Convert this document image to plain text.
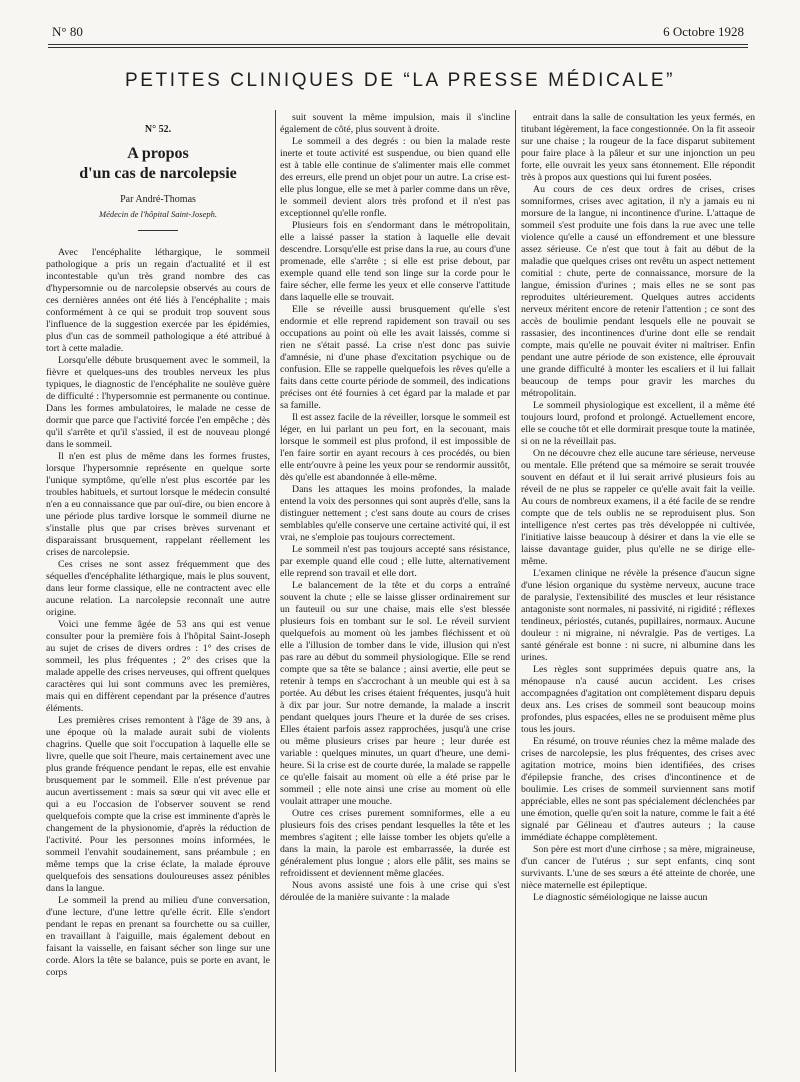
N° 80	6 Octobre 1928
PETITES CLINIQUES DE “LA PRESSE MÉDICALE”
N° 52.
A propos
d'un cas de narcolepsie
Par André-Thomas
Médecin de l'hôpital Saint-Joseph.

Avec l'encéphalite léthargique, le sommeil pathologique a pris un regain d'actualité et il est incontestable qu'un très grand nombre des cas d'hypersomnie ou de narcolepsie observés au cours de ces dernières années ont été liés à l'encéphalite ; mais conformément à ce qui se produit trop souvent sous l'influence de la suggestion exercée par les épidémies, plus d'un cas de sommeil pathologique a été attribué à tort à cette maladie.

Lorsqu'elle débute brusquement avec le sommeil, la fièvre et quelques-uns des troubles nerveux les plus typiques, le diagnostic de l'encéphalite ne soulève guère de difficulté : l'hypersomnie est permanente ou continue. Dans les formes ambulatoires, le malade ne cesse de dormir que parce que l'activité forcée l'en empêche ; dès qu'il s'arrête et qu'il s'assied, il est de nouveau plongé dans le sommeil.

Il n'en est plus de même dans les formes frustes, lorsque l'hypersomnie représente en quelque sorte l'unique symptôme, qu'elle n'est plus escortée par les troubles habituels, et surtout lorsque le médecin consulté n'en a eu connaissance que par ouï-dire, ou bien encore à une période plus tardive lorsque le sommeil diurne ne s'installe plus que par crises brèves survenant et disparaissant brusquement, rappelant réellement les crises de narcolepsie.

Ces crises ne sont assez fréquemment que des séquelles d'encéphalite léthargique, mais le plus souvent, dans leur forme classique, elle ne contractent avec elle aucune relation. La narcolepsie reconnaît une autre origine.

Voici une femme âgée de 53 ans qui est venue consulter pour la première fois à l'hôpital Saint-Joseph au sujet de crises de divers ordres : 1° des crises de sommeil, les plus fréquentes ; 2° des crises que la malade appelle des crises nerveuses, qui offrent quelques caractères qui lui sont communs avec les premières, mais qui en diffèrent cependant par la présence d'autres éléments.

Les premières crises remontent à l'âge de 39 ans, à une époque où la malade aurait subi de violents chagrins. Quelle que soit l'occupation à laquelle elle se livre, quelle que soit l'heure, mais certainement avec une plus grande fréquence pendant le repas, elle est envahie brusquement par le sommeil. Elle n'est prévenue par aucun avertissement : mais sa sœur qui vit avec elle et qui a eu l'occasion de l'observer souvent se rend quelquefois compte que la crise est imminente d'après le changement de la physionomie, d'après la réduction de l'activité. Pour les personnes moins informées, le sommeil l'envahit soudainement, sans préambule ; en même temps que la crise éclate, la malade éprouve quelquefois des sensations douloureuses assez pénibles dans la langue.

Le sommeil la prend au milieu d'une conversation, d'une lecture, d'une lettre qu'elle écrit. Elle s'endort pendant le repas en prenant sa fourchette ou sa cuiller, en travaillant à l'aiguille, mais également debout en faisant la vaisselle, en faisant sécher son linge sur une corde. Alors la tête se balance, puis se porte en avant, le corps

suit souvent la même impulsion, mais il s'incline également de côté, plus souvent à droite.

Le sommeil a des degrés : ou bien la malade reste inerte et toute activité est suspendue, ou bien quand elle est à table elle continue de s'alimenter mais elle commet des erreurs, elle prend un objet pour un autre. La crise est-elle plus longue, elle se met à parler comme dans un rêve, le sommeil devient alors très profond et il n'est pas exceptionnel qu'elle ronfle.

Plusieurs fois en s'endormant dans le métropolitain, elle a laissé passer la station à laquelle elle devait descendre. Lorsqu'elle est prise dans la rue, au cours d'une promenade, elle s'arrête ; si elle est prise debout, par exemple quand elle tend son linge sur la corde pour le faire sécher, elle ferme les yeux et elle conserve l'attitude dans laquelle elle se trouvait.

Elle se réveille aussi brusquement qu'elle s'est endormie et elle reprend rapidement son travail ou ses occupations au point où elle les avait laissés, comme si rien ne s'était passé. La crise n'est donc pas suivie d'amnésie, ni d'une phase d'excitation psychique ou de confusion. Elle se rappelle quelquefois les rêves qu'elle a faits dans cette courte période de sommeil, des indications précises ont été fournies à cet égard par la malade et par sa famille.

Il est assez facile de la réveiller, lorsque le sommeil est léger, en lui parlant un peu fort, en la secouant, mais lorsque le sommeil est plus profond, il est impossible de l'en faire sortir en ayant recours à ces procédés, ou bien elle entr'ouvre à peine les yeux pour se rendormir aussitôt, dès qu'elle est abandonnée à elle-même.

Dans les attaques les moins profondes, la malade entend la voix des personnes qui sont auprès d'elle, sans la distinguer nettement ; c'est sans doute au cours de crises semblables qu'elle conserve une certaine activité qui, il est vrai, ne s'emploie pas toujours correctement.

Le sommeil n'est pas toujours accepté sans résistance, par exemple quand elle coud ; elle lutte, alternativement elle reprend son travail et elle dort.

Le balancement de la tête et du corps a entraîné souvent la chute ; elle se laisse glisser ordinairement sur un fauteuil ou sur une chaise, mais elle s'est blessée plusieurs fois en tombant sur le sol. Le réveil survient quelquefois au moment où les jambes fléchissent et où elle a l'illusion de tomber dans le vide, illusion qui n'est pas rare au début du sommeil physiologique. Elle se rend compte que sa tête se balance ; ainsi avertie, elle peut se retenir à temps en s'accrochant à un meuble qui est à sa portée. Au début les crises étaient fréquentes, jusqu'à huit à dix par jour. Sur notre demande, la malade a inscrit pendant quelques jours l'heure et la durée de ses crises. Elles étaient parfois assez rapprochées, jusqu'à une crise ou même plusieurs crises par heure ; leur durée est variable : quelques minutes, un quart d'heure, une demi-heure. Si la crise est de courte durée, la malade se rappelle ce qu'elle faisait au moment où elle a été prise par le sommeil ; elle note ainsi une crise au moment où elle voulait attraper une mouche.

Outre ces crises purement somniformes, elle a eu plusieurs fois des crises pendant lesquelles la tête et les membres s'agitent ; elle laisse tomber les objets qu'elle a dans la main, la parole est embarrassée, la durée est généralement plus longue ; alors elle pâlit, ses mains se refroidissent et deviennent même glacées.

Nous avons assisté une fois à une crise qui s'est déroulée de la manière suivante : la malade

entrait dans la salle de consultation les yeux fermés, en titubant légèrement, la face congestionnée. On la fit asseoir sur une chaise ; la rougeur de la face disparut subitement pour faire place à la pâleur et sur une injonction un peu forte, elle ouvrait les yeux sans étonnement. Elle répondit très à propos aux questions qui lui furent posées.

Au cours de ces deux ordres de crises, crises somniformes, crises avec agitation, il n'y a jamais eu ni morsure de la langue, ni incontinence d'urine. L'attaque de sommeil s'est produite une fois dans la rue avec une telle violence qu'elle a causé un effondrement et une blessure assez sérieuse. Ce n'est que tout à fait au début de la maladie que quelques crises ont revêtu un aspect nettement comitial : chute, perte de connaissance, morsure de la langue, émission d'urines ; mais elles ne se sont pas reproduites ultérieurement. Quelques autres accidents nerveux méritent encore de retenir l'attention ; ce sont des accès de boulimie pendant lesquels elle ne pouvait se rassasier, des incontinences d'urine dont elle se rendait compte, mais qu'elle ne pouvait éviter ni maîtriser. Enfin pendant une autre période de son existence, elle éprouvait une grande difficulté à monter les escaliers et il lui fallait beaucoup de temps pour gravir les marches du métropolitain.

Le sommeil physiologique est excellent, il a même été toujours lourd, profond et prolongé. Actuellement encore, elle se couche tôt et elle dormirait presque toute la matinée, si on ne la réveillait pas.

On ne découvre chez elle aucune tare sérieuse, nerveuse ou mentale. Elle prétend que sa mémoire se serait trouvée souvent en défaut et il lui serait arrivé plusieurs fois au réveil de ne plus se rappeler ce qu'elle avait fait la veille. Au cours de nombreux examens, il a été facile de se rendre compte que de tels oublis ne se reproduisent plus. Son intelligence n'est certes pas très développée ni cultivée, l'initiative laisse beaucoup à désirer et dans la vie elle se laisse davantage guider, plus qu'elle ne se dirige elle-même.

L'examen clinique ne révèle la présence d'aucun signe d'une lésion organique du système nerveux, aucune trace de paralysie, l'extensibilité des muscles et leur résistance antagoniste sont normales, ni passivité, ni rigidité ; réflexes tendineux, périostés, cutanés, pupillaires, normaux. Aucune douleur : ni migraine, ni névralgie. Pas de vertiges. La santé générale est bonne : ni sucre, ni albumine dans les urines.

Les règles sont supprimées depuis quatre ans, la ménopause n'a causé aucun accident. Les crises accompagnées d'agitation ont complètement disparu depuis deux ans. Les crises de sommeil sont beaucoup moins profondes, plus espacées, elles ne se produisent même plus tous les jours.

En résumé, on trouve réunies chez la même malade des crises de narcolepsie, les plus fréquentes, des crises avec agitation motrice, moins bien identifiées, des crises d'épilepsie franche, des crises d'incontinence et de boulimie. Les crises de sommeil surviennent sans motif appréciable, elles ne sont pas spécialement déclenchées par une émotion, quelle qu'en soit la nature, comme le fait a été signalé par Gélineau et d'autres auteurs ; la cause immédiate échappe complètement.

Son père est mort d'une cirrhose ; sa mère, migraineuse, d'un cancer de l'utérus ; sur sept enfants, cinq sont survivants. L'une de ses sœurs a été atteinte de chorée, une nièce maternelle est épileptique.

Le diagnostic séméiologique ne laisse aucun
